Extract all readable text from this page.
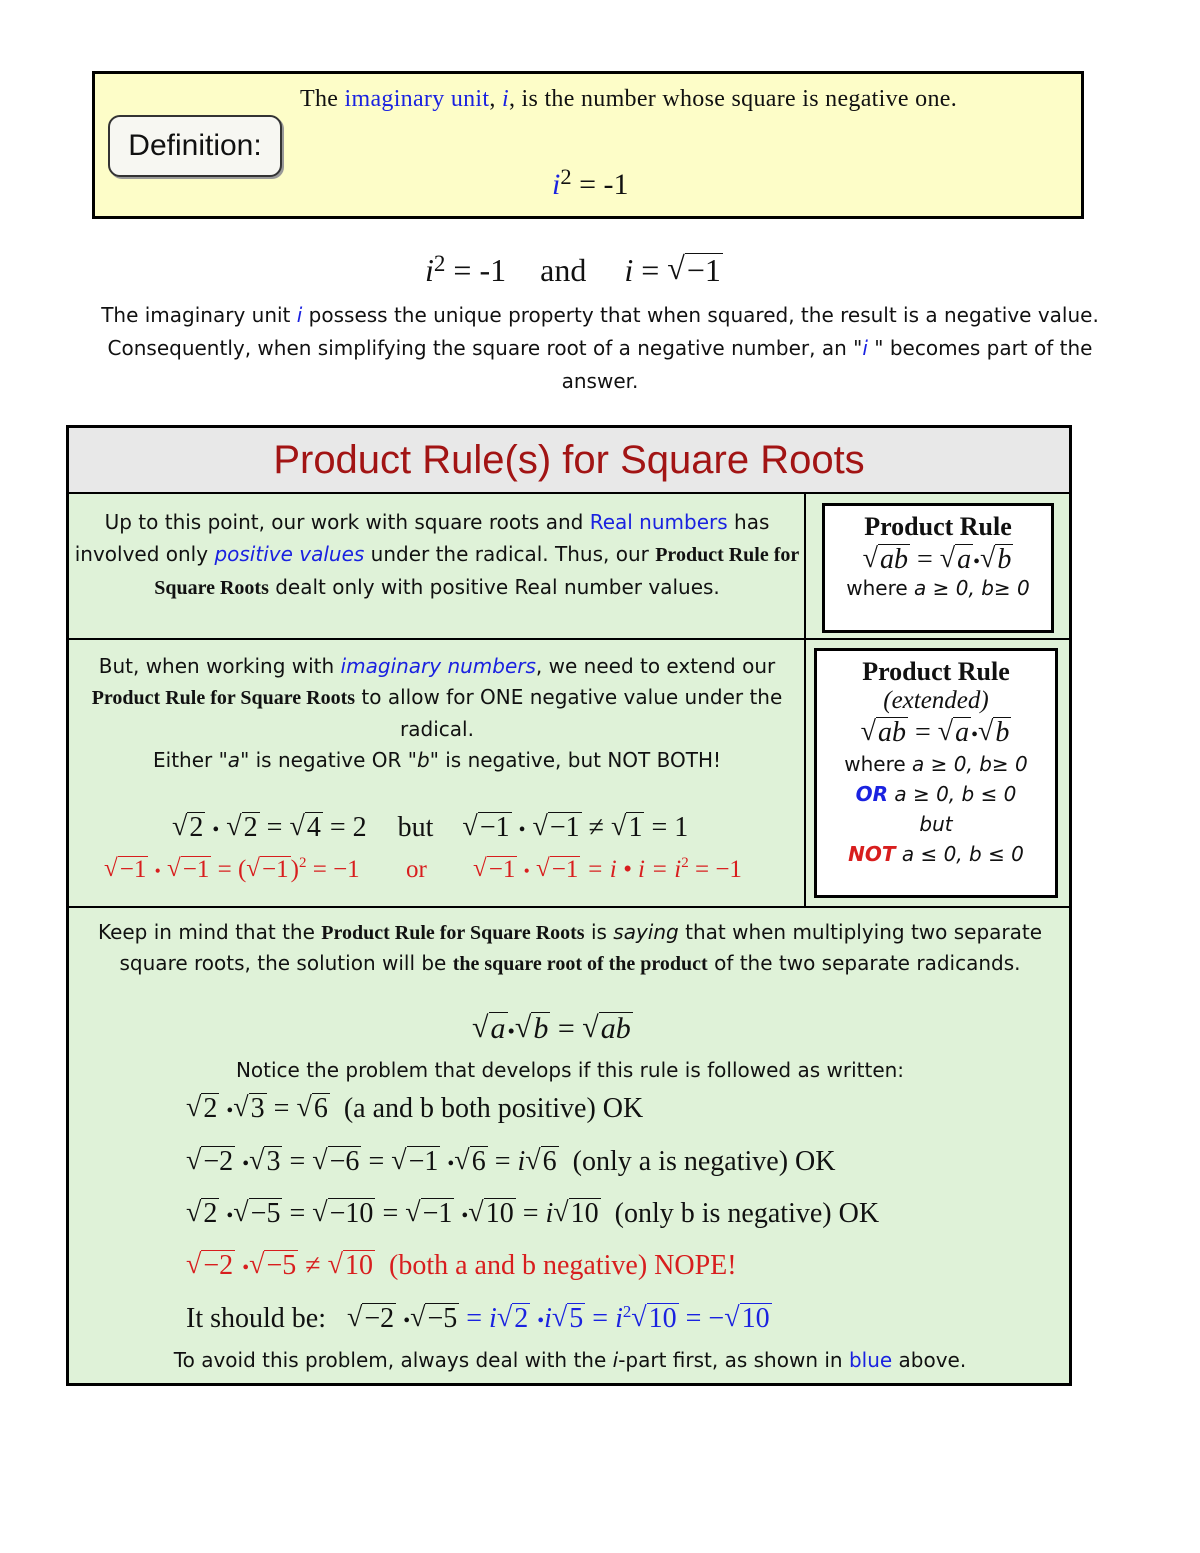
Definition:
The imaginary unit, i, is the number whose square is negative one.
$i^2 = -1$
$i^2 = -1$ and i = √ −1
The imaginary unit i possess the unique property that when squared, the result is a negative value.
Consequently, when simplifying the square root of a negative number, an "i " becomes part of the
answer.
Product Rule(s) for Square Roots
Up to this point, our work with square roots and Real numbers has involved only positive values under the radical. Thus, our Product Rule for Square Roots dealt only with positive Real number values.
Product Rule
√ ab = √ a •√ b
where a ≥ 0, b≥ 0
But, when working with imaginary numbers, we need to extend our Product Rule for Square Roots to allow for ONE negative value under the radical.
Either "a" is negative OR "b" is negative, but NOT BOTH!
√ 2 • √ 2 = √ 4 = 2 but √ −1 • √ −1 ≠ √ 1 = 1
√ −1 • √ −1 = (√ −1)$^2$ = −1 or √ −1 • √ −1 = i • $i = i^2 = -1$
Product Rule
(extended)
√ ab = √ a •√ b
where a ≥ 0, b≥ 0
OR a ≥ 0, b ≤ 0
but
NOT a ≤ 0, b ≤ 0
Keep in mind that the Product Rule for Square Roots is saying that when multiplying two separate square roots, the solution will be the square root of the product of the two separate radicands.
√ a•√ b = √ ab
Notice the problem that develops if this rule is followed as written:
√ 2 •√ 3 = √ 6 (a and b both positive) OK
√ −2 •√ 3 = √ −6 = √ −1 •√ 6 = i√ 6 (only a is negative) OK
√ 2 •√ −5 = √ −10 = √ −1 •√ 10 = i√ 10 (only b is negative) OK
√ −2 •√ −5 ≠ √ 10 (both a and b negative) NOPE!
It should be:   √ −2 •√ −5 = i√ 2 •i√ $5 = i^2√$ 10 = −√ 10
To avoid this problem, always deal with the i-part first, as shown in blue above.
